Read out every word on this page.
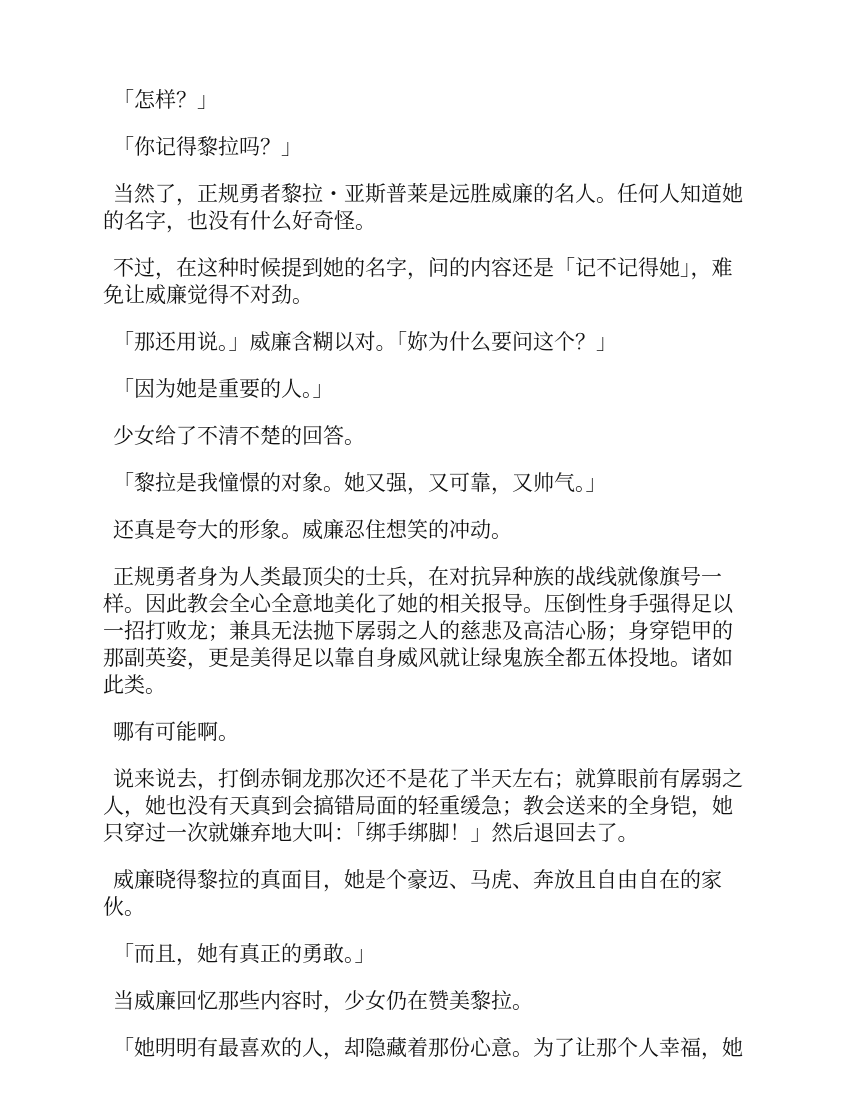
「怎样？」

「你记得黎拉吗？」

当然了，正规勇者黎拉・亚斯普莱是远胜威廉的名人。任何人知道她的名字，也没有什么好奇怪。

不过，在这种时候提到她的名字，问的内容还是「记不记得她」，难免让威廉觉得不对劲。

「那还用说。」威廉含糊以对。「妳为什么要问这个？」

「因为她是重要的人。」

少女给了不清不楚的回答。

「黎拉是我憧憬的对象。她又强，又可靠，又帅气。」

还真是夸大的形象。威廉忍住想笑的冲动。

正规勇者身为人类最顶尖的士兵，在对抗异种族的战线就像旗号一样。因此教会全心全意地美化了她的相关报导。压倒性身手强得足以一招打败龙；兼具无法抛下孱弱之人的慈悲及高洁心肠；身穿铠甲的那副英姿，更是美得足以靠自身威风就让绿鬼族全都五体投地。诸如此类。

哪有可能啊。

说来说去，打倒赤铜龙那次还不是花了半天左右；就算眼前有孱弱之人，她也没有天真到会搞错局面的轻重缓急；教会送来的全身铠，她只穿过一次就嫌弃地大叫：「绑手绑脚！」然后退回去了。

威廉晓得黎拉的真面目，她是个豪迈、马虎、奔放且自由自在的家伙。

「而且，她有真正的勇敢。」

当威廉回忆那些内容时，少女仍在赞美黎拉。

「她明明有最喜欢的人，却隐藏着那份心意。为了让那个人幸福，她
